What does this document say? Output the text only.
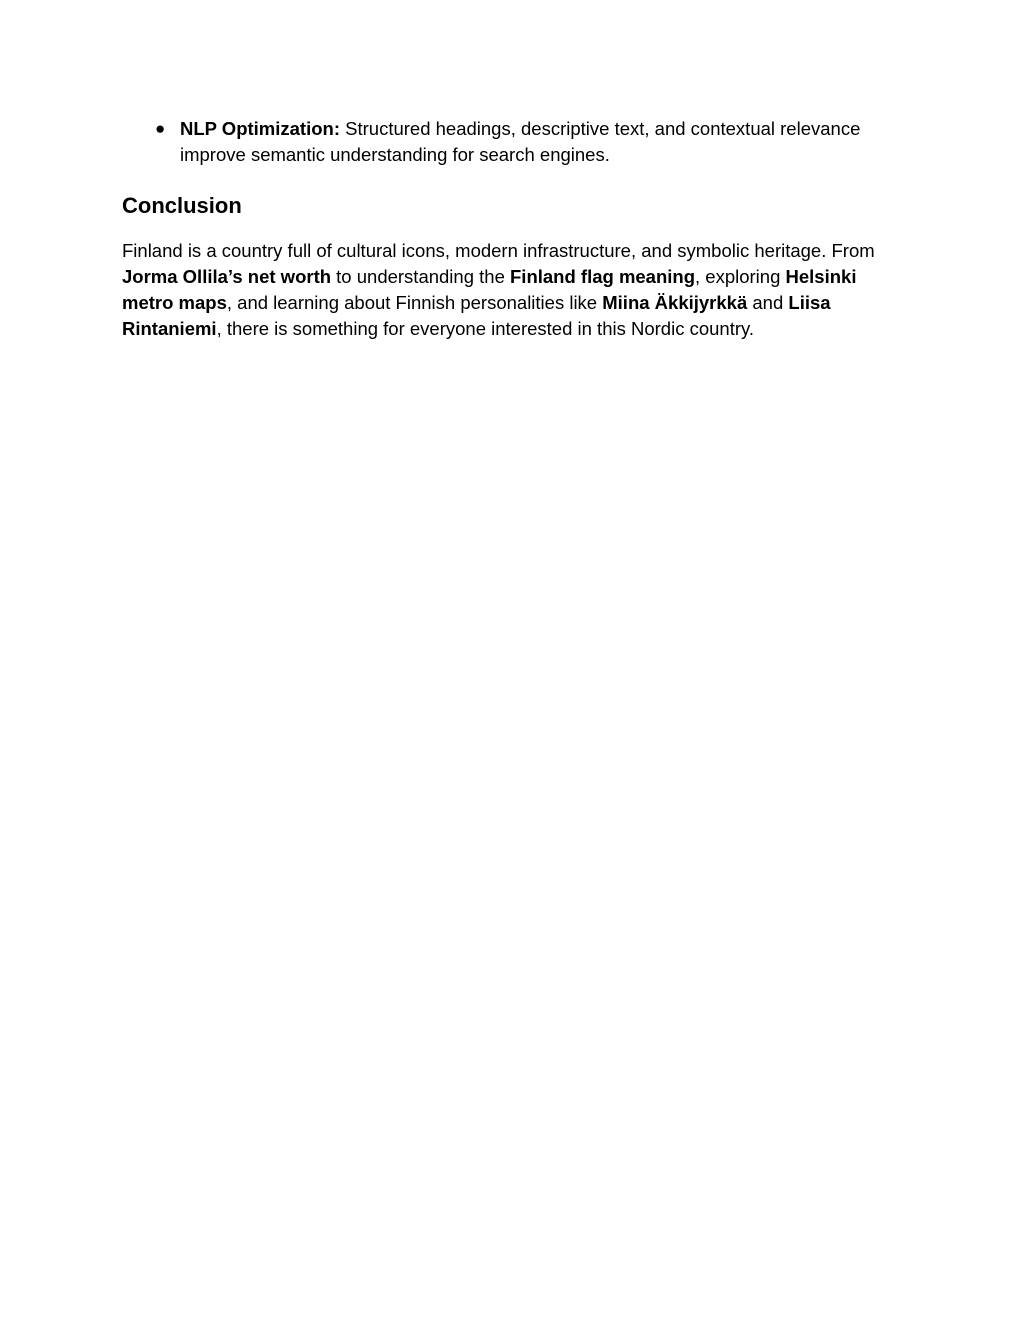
● NLP Optimization: Structured headings, descriptive text, and contextual relevance improve semantic understanding for search engines.
Conclusion

Finland is a country full of cultural icons, modern infrastructure, and symbolic heritage. From Jorma Ollila’s net worth to understanding the Finland flag meaning, exploring Helsinki metro maps, and learning about Finnish personalities like Miina Äkkijyrkkä and Liisa Rintaniemi, there is something for everyone interested in this Nordic country.
